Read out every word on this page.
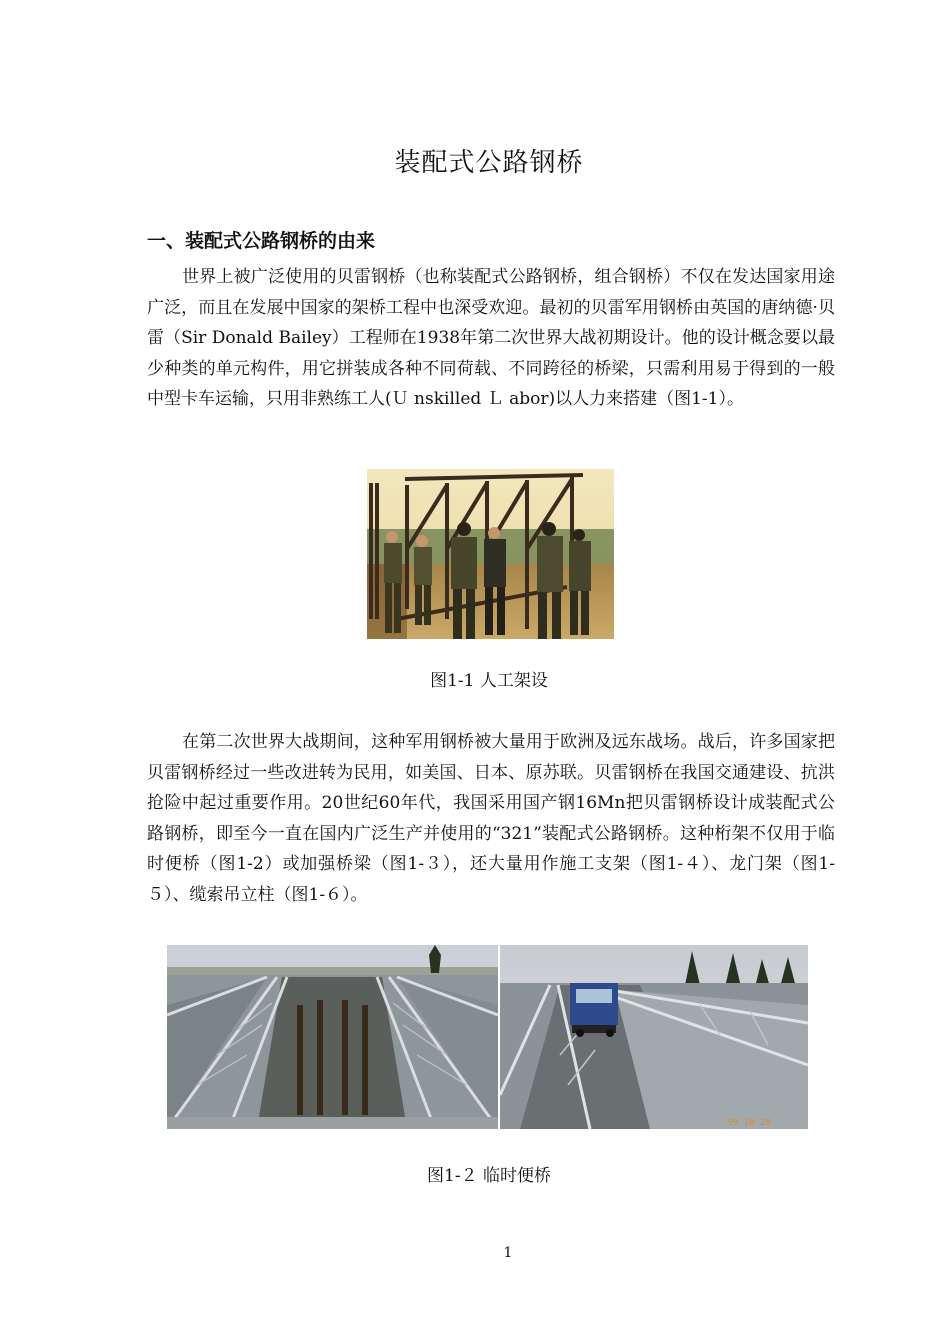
装配式公路钢桥
一、装配式公路钢桥的由来

世界上被广泛使用的贝雷钢桥（也称装配式公路钢桥，组合钢桥）不仅在发达国家用途广泛，而且在发展中国家的架桥工程中也深受欢迎。最初的贝雷军用钢桥由英国的唐纳德·贝雷（Sir Donald Bailey）工程师在1938年第二次世界大战初期设计。他的设计概念要以最少种类的单元构件，用它拼装成各种不同荷载、不同跨径的桥梁，只需利用易于得到的一般中型卡车运输，只用非熟练工人(Ｕ nskilled Ｌ abor)以人力来搭建（图1-1）。

图1-1 人工架设

在第二次世界大战期间，这种军用钢桥被大量用于欧洲及远东战场。战后，许多国家把贝雷钢桥经过一些改进转为民用，如美国、日本、原苏联。贝雷钢桥在我国交通建设、抗洪抢险中起过重要作用。20世纪60年代，我国采用国产钢16Mn把贝雷钢桥设计成装配式公路钢桥，即至今一直在国内广泛生产并使用的“321”装配式公路钢桥。这种桁架不仅用于临时便桥（图1-2）或加强桥梁（图1-３），还大量用作施工支架（图1-４）、龙门架（图1-５）、缆索吊立柱（图1-６）。

'99 10 29
图1-２ 临时便桥
1
